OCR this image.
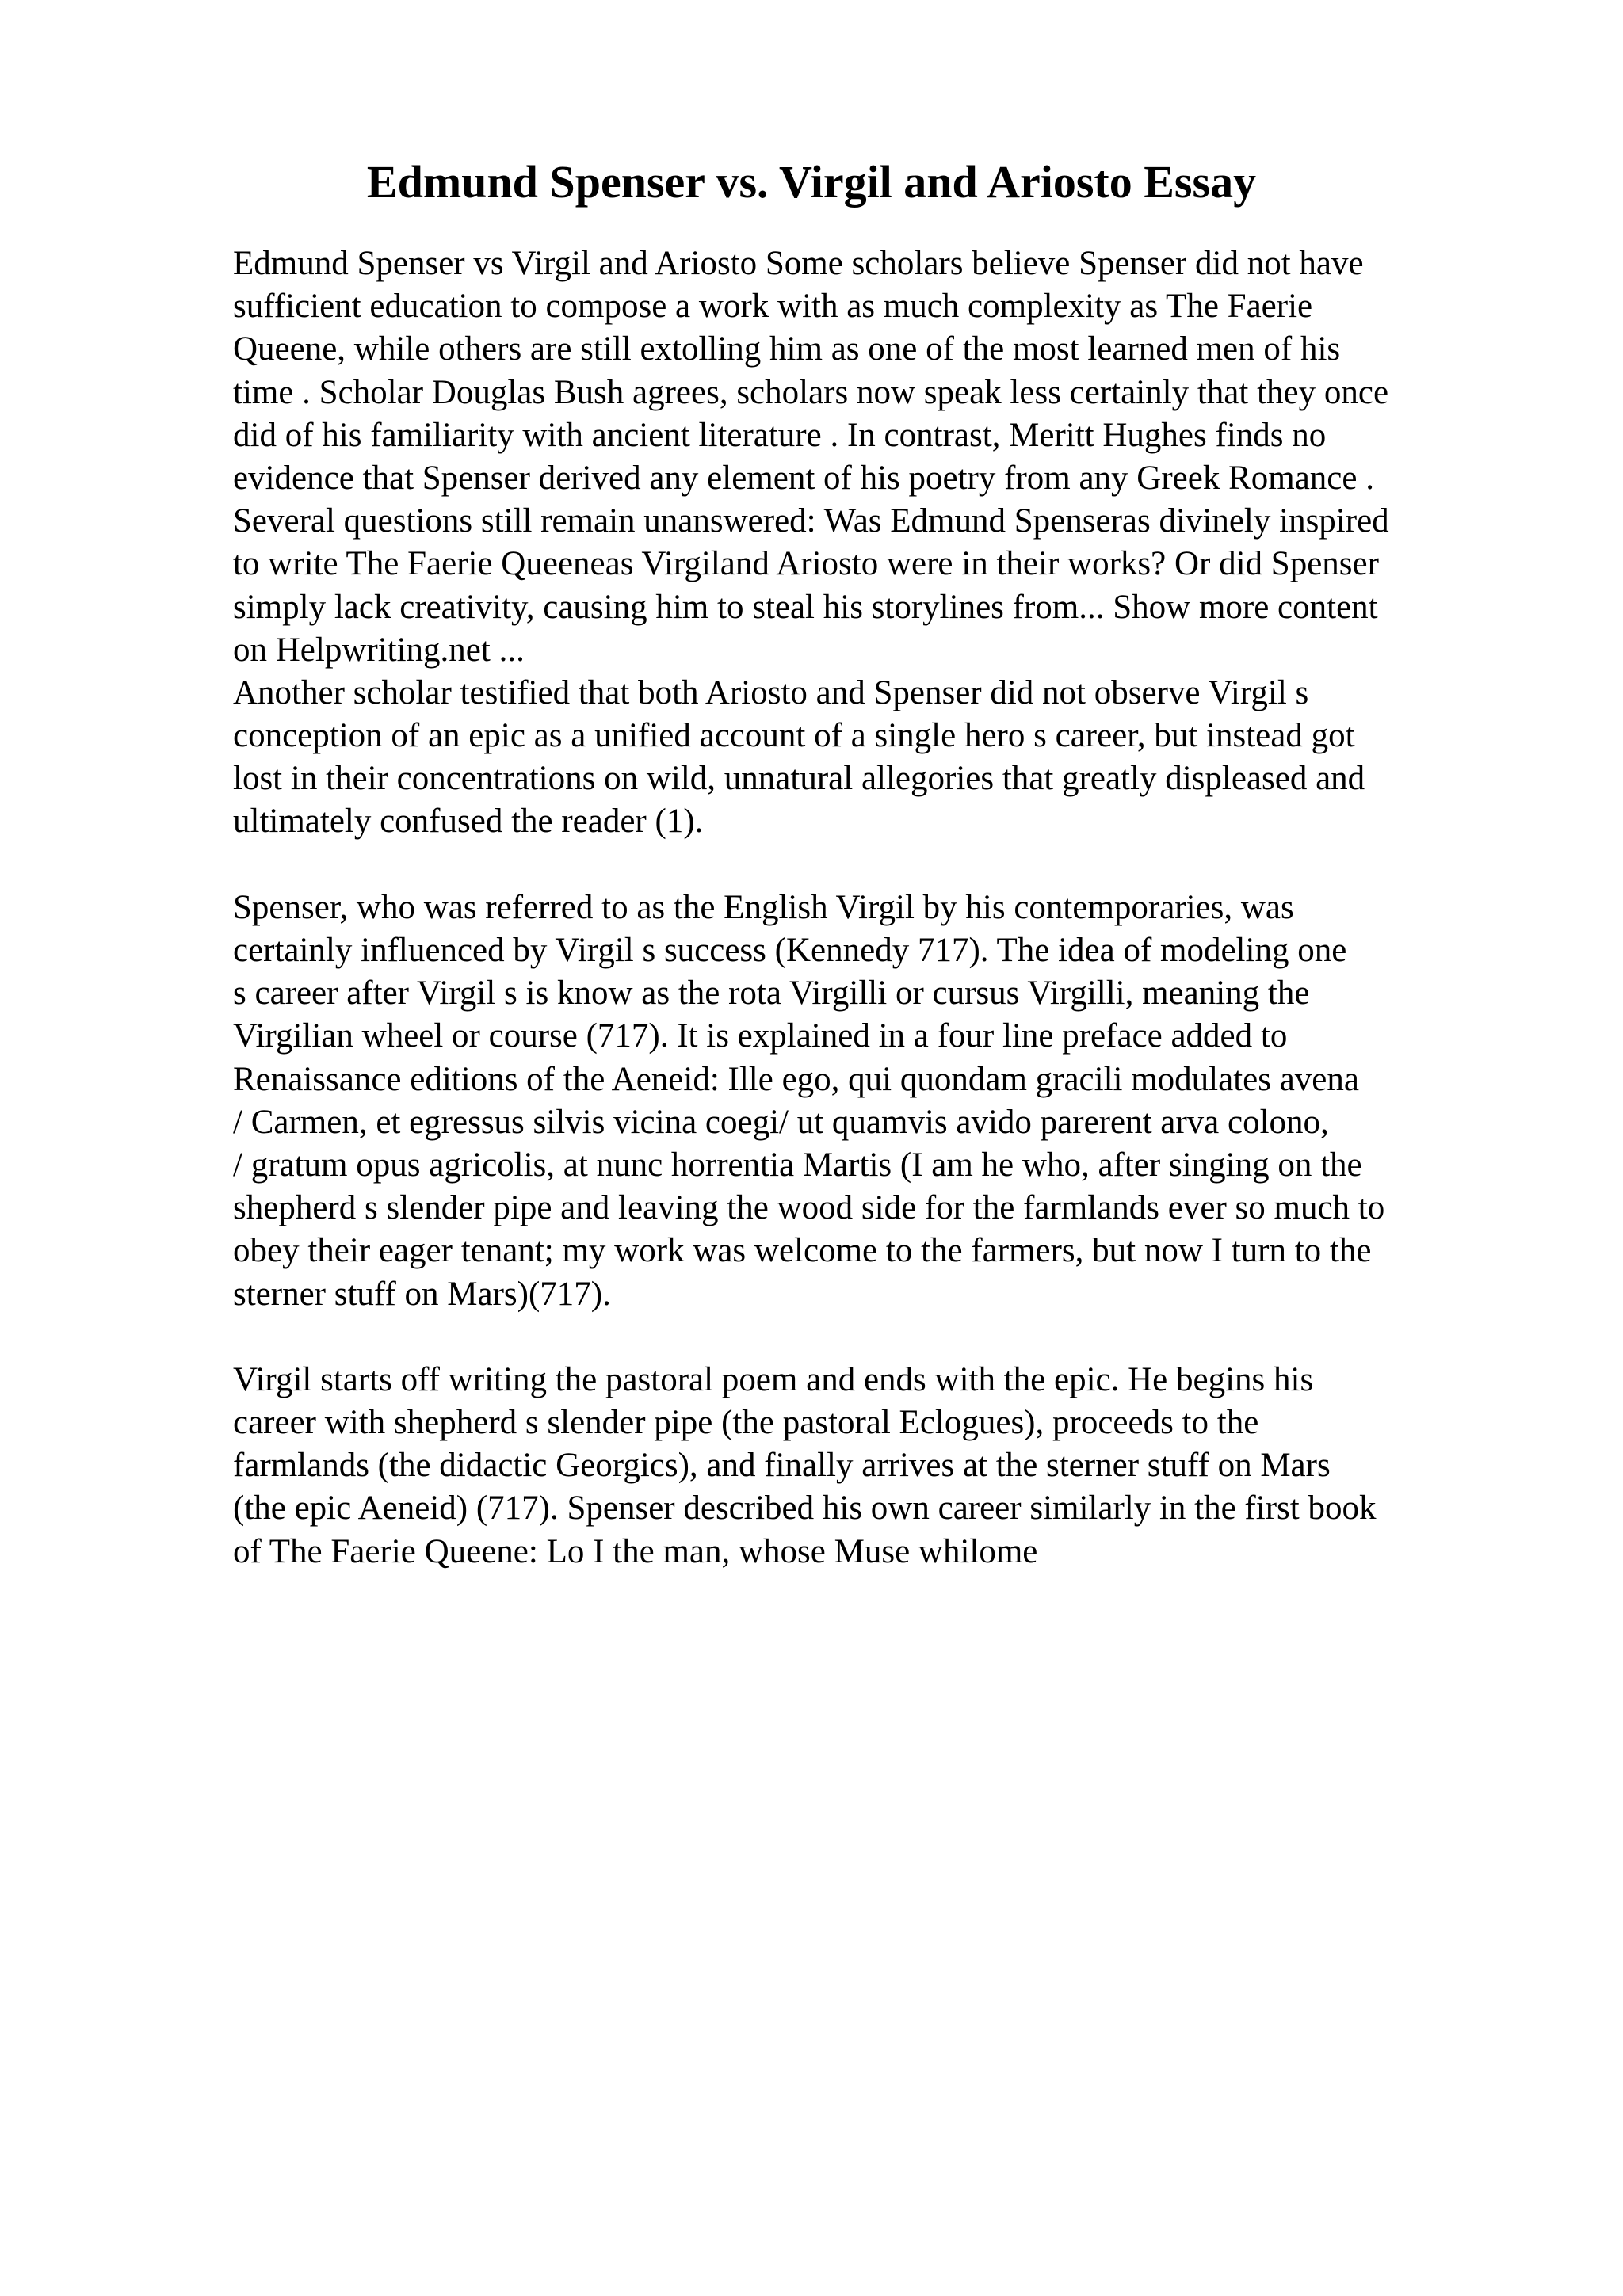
Edmund Spenser vs. Virgil and Ariosto Essay
Edmund Spenser vs Virgil and Ariosto Some scholars believe Spenser did not have
sufficient education to compose a work with as much complexity as The Faerie
Queene, while others are still extolling him as one of the most learned men of his
time . Scholar Douglas Bush agrees, scholars now speak less certainly that they once
did of his familiarity with ancient literature . In contrast, Meritt Hughes finds no
evidence that Spenser derived any element of his poetry from any Greek Romance .
Several questions still remain unanswered: Was Edmund Spenseras divinely inspired
to write The Faerie Queeneas Virgiland Ariosto were in their works? Or did Spenser
simply lack creativity, causing him to steal his storylines from... Show more content
on Helpwriting.net ...
Another scholar testified that both Ariosto and Spenser did not observe Virgil s
conception of an epic as a unified account of a single hero s career, but instead got
lost in their concentrations on wild, unnatural allegories that greatly displeased and
ultimately confused the reader (1).
Spenser, who was referred to as the English Virgil by his contemporaries, was
certainly influenced by Virgil s success (Kennedy 717). The idea of modeling one
s career after Virgil s is know as the rota Virgilli or cursus Virgilli, meaning the
Virgilian wheel or course (717). It is explained in a four line preface added to
Renaissance editions of the Aeneid: Ille ego, qui quondam gracili modulates avena
/ Carmen, et egressus silvis vicina coegi/ ut quamvis avido parerent arva colono,
/ gratum opus agricolis, at nunc horrentia Martis (I am he who, after singing on the
shepherd s slender pipe and leaving the wood side for the farmlands ever so much to
obey their eager tenant; my work was welcome to the farmers, but now I turn to the
sterner stuff on Mars)(717).
Virgil starts off writing the pastoral poem and ends with the epic. He begins his
career with shepherd s slender pipe (the pastoral Eclogues), proceeds to the
farmlands (the didactic Georgics), and finally arrives at the sterner stuff on Mars
(the epic Aeneid) (717). Spenser described his own career similarly in the first book
of The Faerie Queene: Lo I the man, whose Muse whilome
